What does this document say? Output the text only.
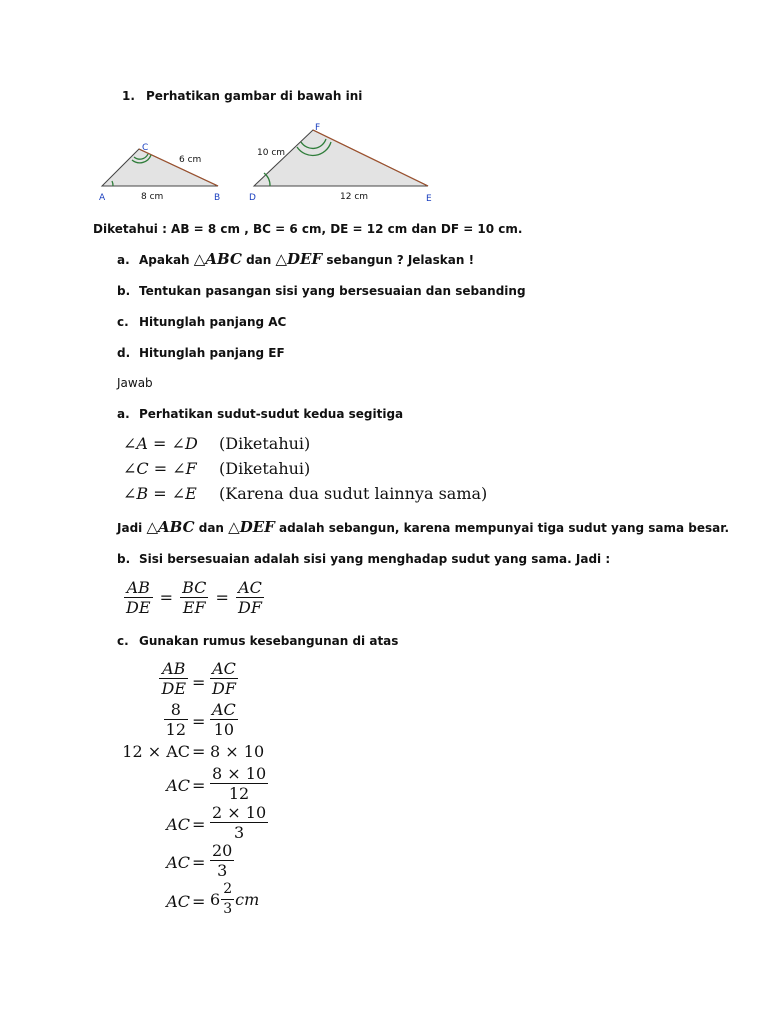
1. Perhatikan gambar di bawah ini
A	B
C
8 cm
6 cm
D	E
F
12 cm
10 cm
Diketahui : AB = 8 cm , BC = 6 cm, DE = 12 cm dan DF = 10 cm.
a. Apakah △ABC dan △DEF sebangun ? Jelaskan !
b. Tentukan pasangan sisi yang bersesuaian dan sebanding
c. Hitunglah panjang AC
d. Hitunglah panjang EF
Jawab
a. Perhatikan sudut-sudut kedua segitiga
∠A = ∠D (Diketahui)
∠C = ∠F (Diketahui)
∠B = ∠E (Karena dua sudut lainnya sama)
Jadi △ABC dan △DEF adalah sebangun, karena mempunyai tiga sudut yang sama besar.
b. Sisi bersesuaian adalah sisi yang menghadap sudut yang sama. Jadi :
$\frac{AB}{DE} = \frac{BC}{EF} = \frac{AC}{DF}$
c. Gunakan rumus kesebangunan di atas
$\frac{AB}{DE} = \frac{AC}{DF}$
$\frac{8}{12} = \frac{AC}{10}$
12 × AC = 8 × 10
AC = $\frac{8 \times 10}{12}$
AC = $\frac{2 \times 10}{3}$
AC = $\frac{20}{3}$
AC = $6 \frac{2}{3}$ cm
